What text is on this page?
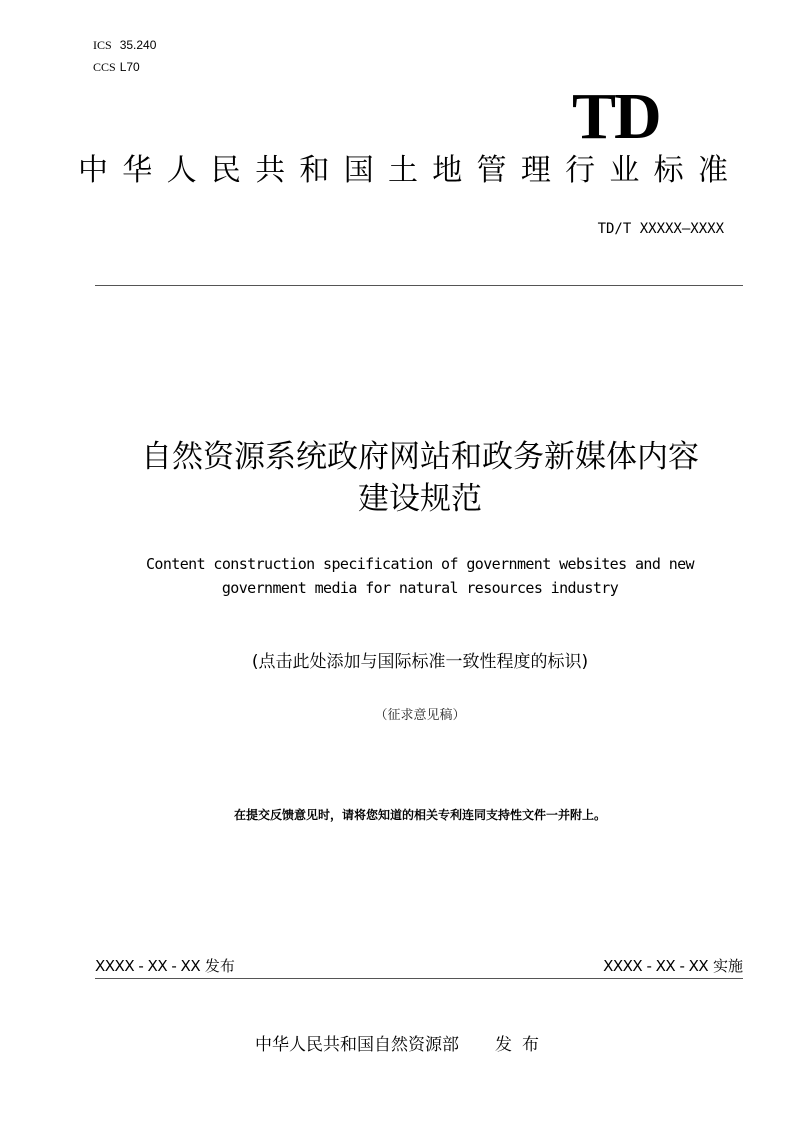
ICS 35.240
CCS L70
TD
中 华 人 民 共 和 国 土 地 管 理 行 业 标 准
TD/T XXXXX—XXXX
自然资源系统政府网站和政务新媒体内容
建设规范
Content construction specification of government websites and new
government media for natural resources industry
(点击此处添加与国际标准一致性程度的标识)
（征求意见稿）
在提交反馈意见时，请将您知道的相关专利连同支持性文件一并附上。
XXXX - XX - XX 发布	XXXX - XX - XX 实施
中华人民共和国自然资源部 发布
